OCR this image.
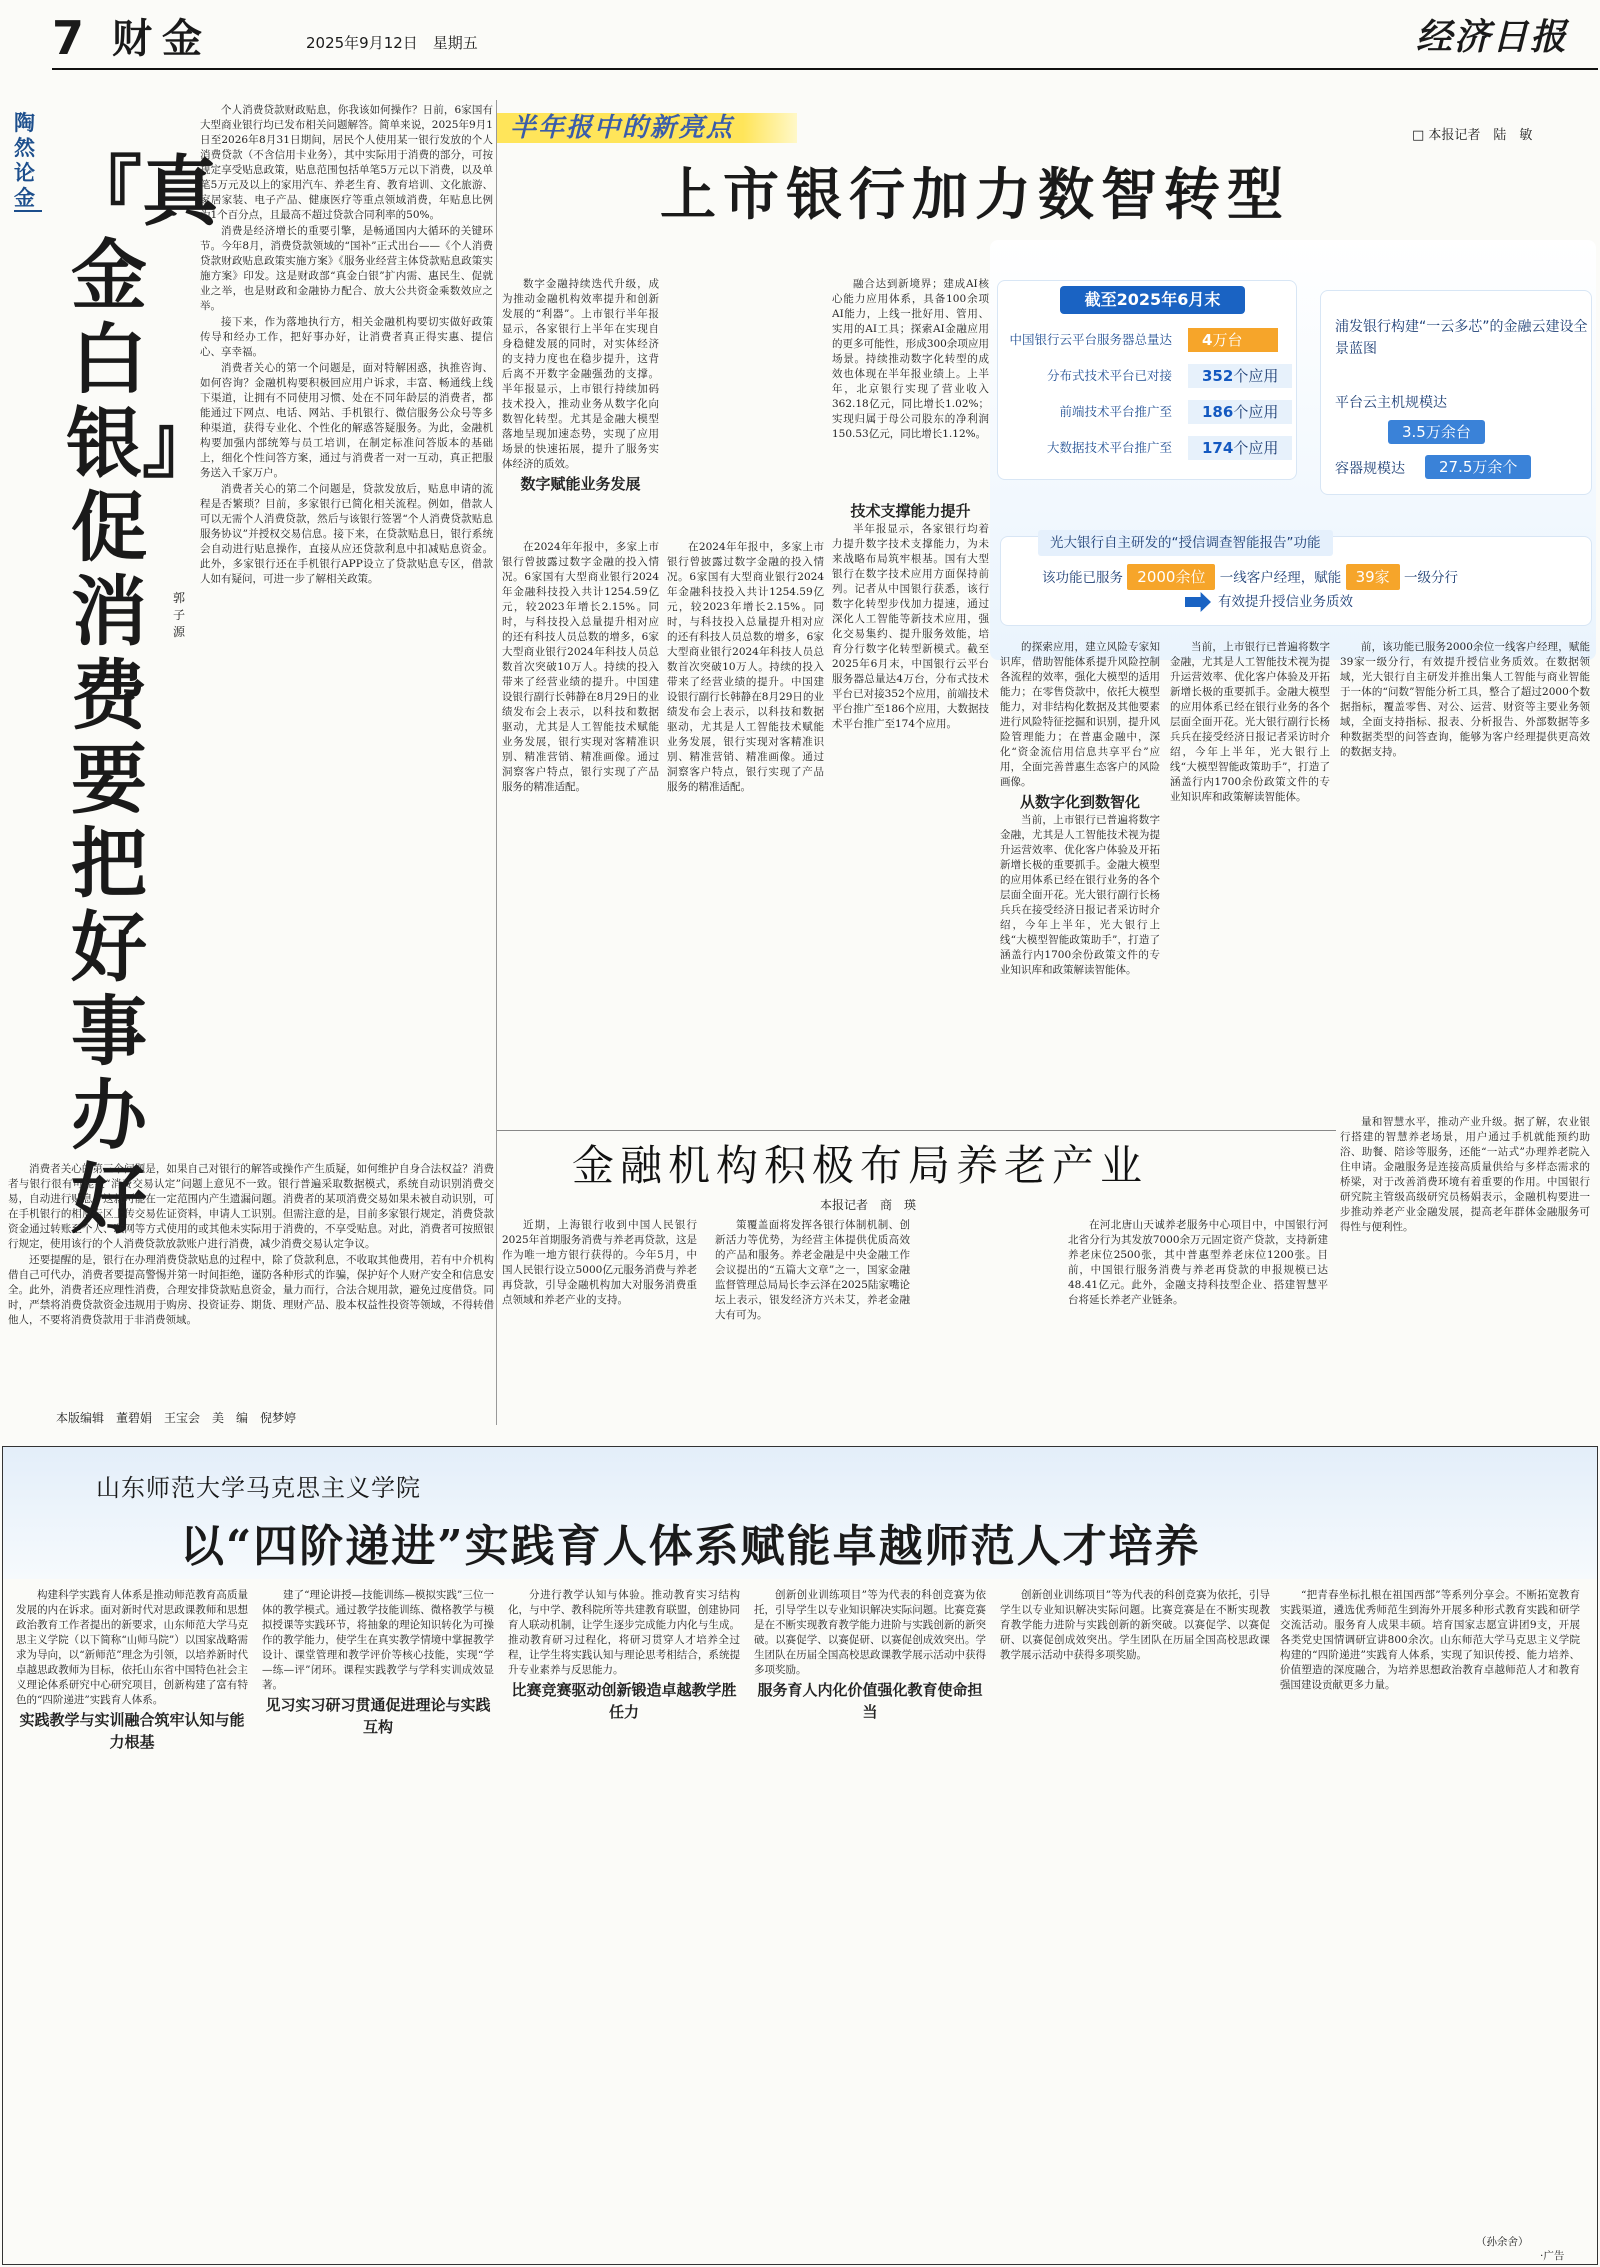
7 财金	2025年9月12日　星期五	经济日报
陶然论金 『真金白银』促消费要把好事办好
郭子源

个人消费贷款财政贴息，你我该如何操作？日前，6家国有大型商业银行均已发布相关问题解答。简单来说，2025年9月1日至2026年8月31日期间，居民个人使用某一银行发放的个人消费贷款（不含信用卡业务），其中实际用于消费的部分，可按规定享受贴息政策，贴息范围包括单笔5万元以下消费，以及单笔5万元及以上的家用汽车、养老生育、教育培训、文化旅游、家居家装、电子产品、健康医疗等重点领域消费，年贴息比例为1个百分点，且最高不超过贷款合同利率的50%。

消费是经济增长的重要引擎，是畅通国内大循环的关键环节。今年8月，消费贷款领域的“国补”正式出台——《个人消费贷款财政贴息政策实施方案》《服务业经营主体贷款贴息政策实施方案》印发。这是财政部“真金白银”扩内需、惠民生、促就业之举，也是财政和金融协力配合、放大公共资金乘数效应之举。

接下来，作为落地执行方，相关金融机构要切实做好政策传导和经办工作，把好事办好，让消费者真正得实惠、提信心、享幸福。

消费者关心的第一个问题是，面对特解困惑，执推咨询、如何咨询？金融机构要积极回应用户诉求，丰富、畅通线上线下渠道，让拥有不同使用习惯、处在不同年龄层的消费者，都能通过下网点、电话、网站、手机银行、微信服务公众号等多种渠道，获得专业化、个性化的解惑答疑服务。为此，金融机构要加强内部统筹与员工培训，在制定标准问答版本的基础上，细化个性问答方案，通过与消费者一对一互动，真正把服务送入千家万户。

消费者关心的第二个问题是，贷款发放后，贴息申请的流程是否繁琐？目前，多家银行已简化相关流程。例如，借款人可以无需个人消费贷款，然后与该银行签署“个人消费贷款贴息服务协议”并授权交易信息。接下来，在贷款贴息日，银行系统会自动进行贴息操作，直接从应还贷款利息中扣减贴息资金。此外，多家银行还在手机银行APP设立了贷款贴息专区，借款人如有疑问，可进一步了解相关政策。

消费者关心的第三个问题是，如果自己对银行的解答或操作产生质疑，如何维护自身合法权益？消费者与银行很有可能在“消费交易认定”问题上意见不一致。银行普遍采取数据模式，系统自动识别消费交易，自动进行贴息。这就可能在一定范围内产生遗漏问题。消费者的某项消费交易如果未被自动识别，可在手机银行的相应专区上传交易佐证资料，申请人工识别。但需注意的是，目前多家银行规定，消费贷款资金通过转账至个人、联网等方式使用的或其他未实际用于消费的，不享受贴息。对此，消费者可按照银行规定，使用该行的个人消费贷款放款账户进行消费，减少消费交易认定争议。

还要提醒的是，银行在办理消费贷款贴息的过程中，除了贷款利息，不收取其他费用，若有中介机构借自己可代办，消费者要提高警惕并第一时间拒绝，谨防各种形式的诈骗，保护好个人财产安全和信息安全。此外，消费者还应理性消费，合理安排贷款贴息资金，量力而行，合法合规用款，避免过度借贷。同时，严禁将消费贷款资金违规用于购房、投资证券、期货、理财产品、股本权益性投资等领域，不得转借他人，不要将消费贷款用于非消费领域。

本版编辑　董碧娟　王宝会　美　编　倪梦婷
半年报中的新亮点	□ 本报记者　陆　敏
上市银行加力数智转型
截至2025年6月末
中国银行云平台服务器总量达	4万台
分布式技术平台已对接	352个应用
前端技术平台推广至	186个应用
大数据技术平台推广至	174个应用
浦发银行构建“一云多芯”的金融云建设全景蓝图
平台云主机规模达
3.5万余台
容器规模达	27.5万余个
光大银行自主研发的“授信调查智能报告”功能
该功能已服务 2000余位 一线客户经理，赋能 39家 一级分行
有效提升授信业务质效

数字金融持续迭代升级，成为推动金融机构效率提升和创新发展的“利器”。上市银行半年报显示，各家银行上半年在实现自身稳健发展的同时，对实体经济的支持力度也在稳步提升，这背后离不开数字金融强劲的支撑。半年报显示，上市银行持续加码技术投入，推动业务从数字化向数智化转型。尤其是金融大模型落地呈现加速态势，实现了应用场景的快速拓展，提升了服务实体经济的质效。

数字赋能业务发展

在2024年年报中，多家上市银行曾披露过数字金融的投入情况。6家国有大型商业银行2024年金融科技投入共计1254.59亿元，较2023年增长2.15%。同时，与科技投入总量提升相对应的还有科技人员总数的增多，6家大型商业银行2024年科技人员总数首次突破10万人。持续的投入带来了经营业绩的提升。中国建设银行副行长韩静在8月29日的业绩发布会上表示，以科技和数据驱动，尤其是人工智能技术赋能业务发展，银行实现对客精准识别、精准营销、精准画像。通过洞察客户特点，银行实现了产品服务的精准适配。

在2024年年报中，多家上市银行曾披露过数字金融的投入情况。6家国有大型商业银行2024年金融科技投入共计1254.59亿元，较2023年增长2.15%。同时，与科技投入总量提升相对应的还有科技人员总数的增多，6家大型商业银行2024年科技人员总数首次突破10万人。持续的投入带来了经营业绩的提升。中国建设银行副行长韩静在8月29日的业绩发布会上表示，以科技和数据驱动，尤其是人工智能技术赋能业务发展，银行实现对客精准识别、精准营销、精准画像。通过洞察客户特点，银行实现了产品服务的精准适配。

融合达到新境界；建成AI核心能力应用体系，具备100余项AI能力，上线一批好用、管用、实用的AI工具；探索AI金融应用的更多可能性，形成300余项应用场景。持续推动数字化转型的成效也体现在半年报业绩上。上半年，北京银行实现了营业收入362.18亿元，同比增长1.02%；实现归属于母公司股东的净利润150.53亿元，同比增长1.12%。

技术支撑能力提升

半年报显示，各家银行均着力提升数字技术支撑能力，为未来战略布局筑牢根基。国有大型银行在数字技术应用方面保持前列。记者从中国银行获悉，该行数字化转型步伐加力提速，通过深化人工智能等新技术应用，强化交易集约、提升服务效能，培育分行数字化转型新模式。截至2025年6月末，中国银行云平台服务器总量达4万台，分布式技术平台已对接352个应用，前端技术平台推广至186个应用，大数据技术平台推广至174个应用。

的探索应用，建立风险专家知识库，借助智能体系提升风险控制各流程的效率，强化大模型的适用能力；在零售贷款中，依托大模型能力，对非结构化数据及其他要素进行风险特征挖掘和识别，提升风险管理能力；在普惠金融中，深化“资金流信用信息共享平台”应用，全面完善普惠生态客户的风险画像。

从数字化到数智化

当前，上市银行已普遍将数字金融，尤其是人工智能技术视为提升运营效率、优化客户体验及开拓新增长极的重要抓手。金融大模型的应用体系已经在银行业务的各个层面全面开花。光大银行副行长杨兵兵在接受经济日报记者采访时介绍，今年上半年，光大银行上线“大模型智能政策助手”，打造了涵盖行内1700余份政策文件的专业知识库和政策解读智能体。

当前，上市银行已普遍将数字金融，尤其是人工智能技术视为提升运营效率、优化客户体验及开拓新增长极的重要抓手。金融大模型的应用体系已经在银行业务的各个层面全面开花。光大银行副行长杨兵兵在接受经济日报记者采访时介绍，今年上半年，光大银行上线“大模型智能政策助手”，打造了涵盖行内1700余份政策文件的专业知识库和政策解读智能体。

前，该功能已服务2000余位一线客户经理，赋能39家一级分行，有效提升授信业务质效。在数据领域，光大银行自主研发并推出集人工智能与商业智能于一体的“问数”智能分析工具，整合了超过2000个数据指标，覆盖零售、对公、运营、财资等主要业务领域，全面支持指标、报表、分析报告、外部数据等多种数据类型的问答查询，能够为客户经理提供更高效的数据支持。

金融机构积极布局养老产业
本报记者　商　瑛

近期，上海银行收到中国人民银行2025年首期服务消费与养老再贷款，这是作为唯一地方银行获得的。今年5月，中国人民银行设立5000亿元服务消费与养老再贷款，引导金融机构加大对服务消费重点领域和养老产业的支持。

策覆盖面将发挥各银行体制机制、创新活力等优势，为经营主体提供优质高效的产品和服务。养老金融是中央金融工作会议提出的“五篇大文章”之一，国家金融监督管理总局局长李云泽在2025陆家嘴论坛上表示，银发经济方兴未艾，养老金融大有可为。

在河北唐山天诚养老服务中心项目中，中国银行河北省分行为其发放7000余万元固定资产贷款，支持新建养老床位2500张，其中普惠型养老床位1200张。目前，中国银行服务消费与养老再贷款的申报规模已达48.41亿元。此外，金融支持科技型企业、搭建智慧平台将延长养老产业链条。

量和智慧水平，推动产业升级。据了解，农业银行搭建的智慧养老场景，用户通过手机就能预约助浴、助餐、陪诊等服务，还能“一站式”办理养老院入住申请。金融服务是连接高质量供给与多样态需求的桥梁，对于改善消费环境有着重要的作用。中国银行研究院主管级高级研究员杨娟表示，金融机构要进一步推动养老产业金融发展，提高老年群体金融服务可得性与便利性。

山东师范大学马克思主义学院
以“四阶递进”实践育人体系赋能卓越师范人才培养

构建科学实践育人体系是推动师范教育高质量发展的内在诉求。面对新时代对思政课教师和思想政治教育工作者提出的新要求，山东师范大学马克思主义学院（以下简称“山师马院”）以国家战略需求为导向，以“新师范”理念为引领，以培养新时代卓越思政教师为目标，依托山东省中国特色社会主义理论体系研究中心研究项目，创新构建了富有特色的“四阶递进”实践育人体系。

实践教学与实训融合筑牢认知与能力根基

建了“理论讲授—技能训练—模拟实践”三位一体的教学模式。通过教学技能训练、微格教学与模拟授课等实践环节，将抽象的理论知识转化为可操作的教学能力，使学生在真实教学情境中掌握教学设计、课堂管理和教学评价等核心技能，实现“学—练—评”闭环。课程实践教学与学科实训成效显著。

见习实习研习贯通促进理论与实践互构

分进行教学认知与体验。推动教育实习结构化，与中学、教科院所等共建教育联盟，创建协同育人联动机制，让学生逐步完成能力内化与生成。推动教育研习过程化，将研习贯穿人才培养全过程，让学生将实践认知与理论思考相结合，系统提升专业素养与反思能力。

比赛竞赛驱动创新锻造卓越教学胜任力

创新创业训练项目”等为代表的科创竞赛为依托，引导学生以专业知识解决实际问题。比赛竞赛是在不断实现教育教学能力进阶与实践创新的新突破。以赛促学、以赛促研、以赛促创成效突出。学生团队在历届全国高校思政课教学展示活动中获得多项奖励。

服务育人内化价值强化教育使命担当

创新创业训练项目”等为代表的科创竞赛为依托，引导学生以专业知识解决实际问题。比赛竞赛是在不断实现教育教学能力进阶与实践创新的新突破。以赛促学、以赛促研、以赛促创成效突出。学生团队在历届全国高校思政课教学展示活动中获得多项奖励。

“把青春坐标扎根在祖国西部”等系列分享会。不断拓宽教育实践渠道，遴选优秀师范生到海外开展多种形式教育实践和研学交流活动。服务育人成果丰硕。培育国家志愿宣讲团9支，开展各类党史国情调研宣讲800余次。山东师范大学马克思主义学院构建的“四阶递进”实践育人体系，实现了知识传授、能力培养、价值塑造的深度融合，为培养思想政治教育卓越师范人才和教育强国建设贡献更多力量。

（孙余舍）
·广告
